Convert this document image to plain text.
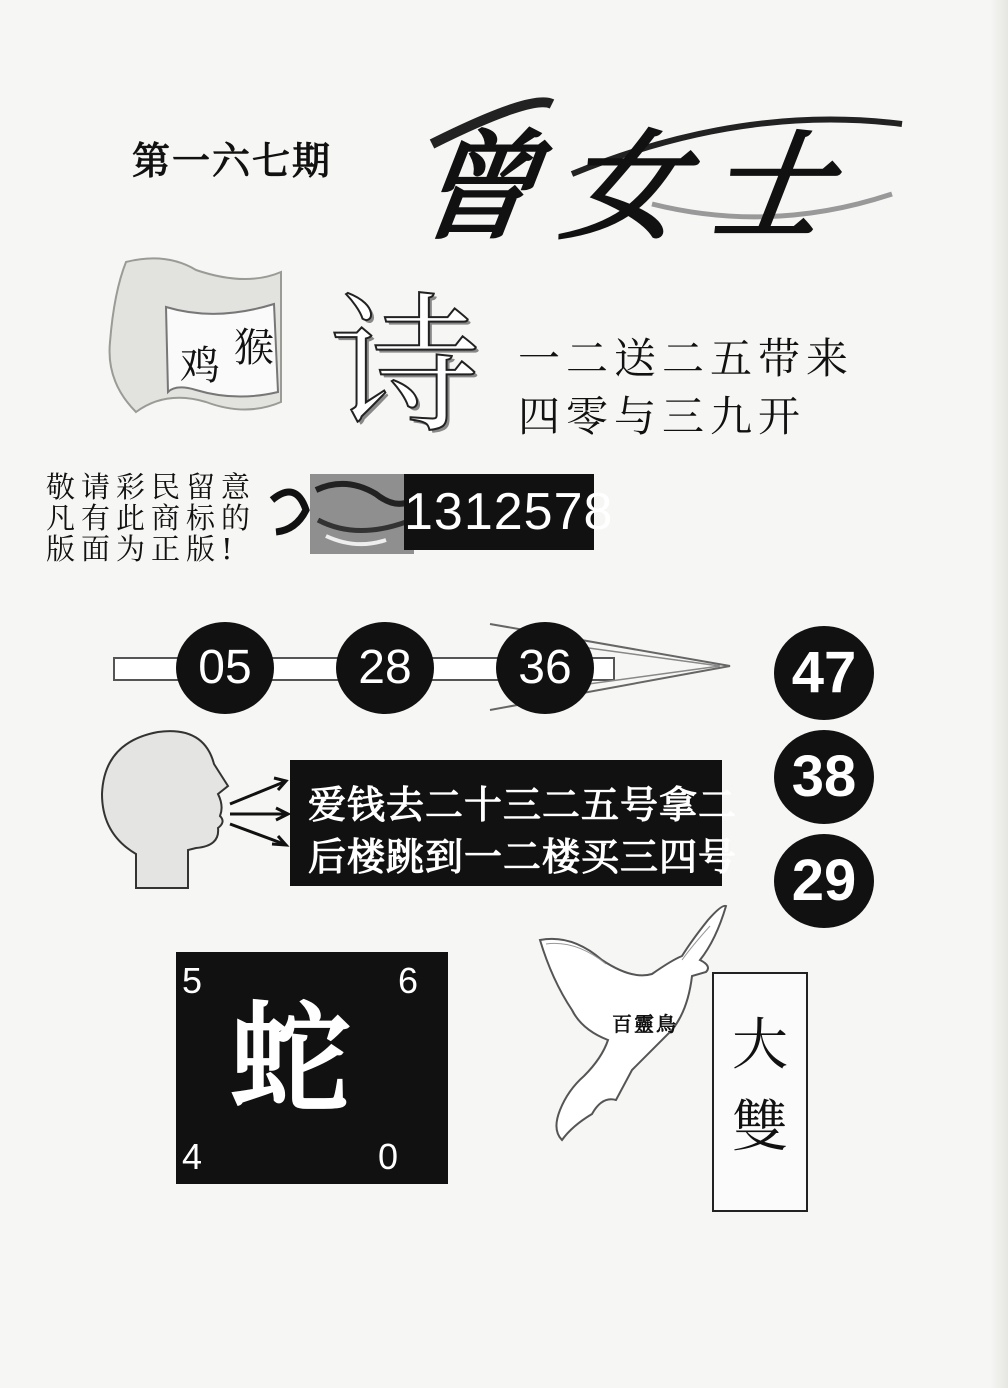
第一六七期 曾女士
鸡 猴 诗 一二送二五带来
四零与三九开
敬请彩民留意
凡有此商标的
版面为正版!
1312578
05	28	36	47
38
29
爱钱去二十三二五号拿二
后楼跳到一二楼买三四号
5	6
4	0
蛇	百靈鳥 大
雙
